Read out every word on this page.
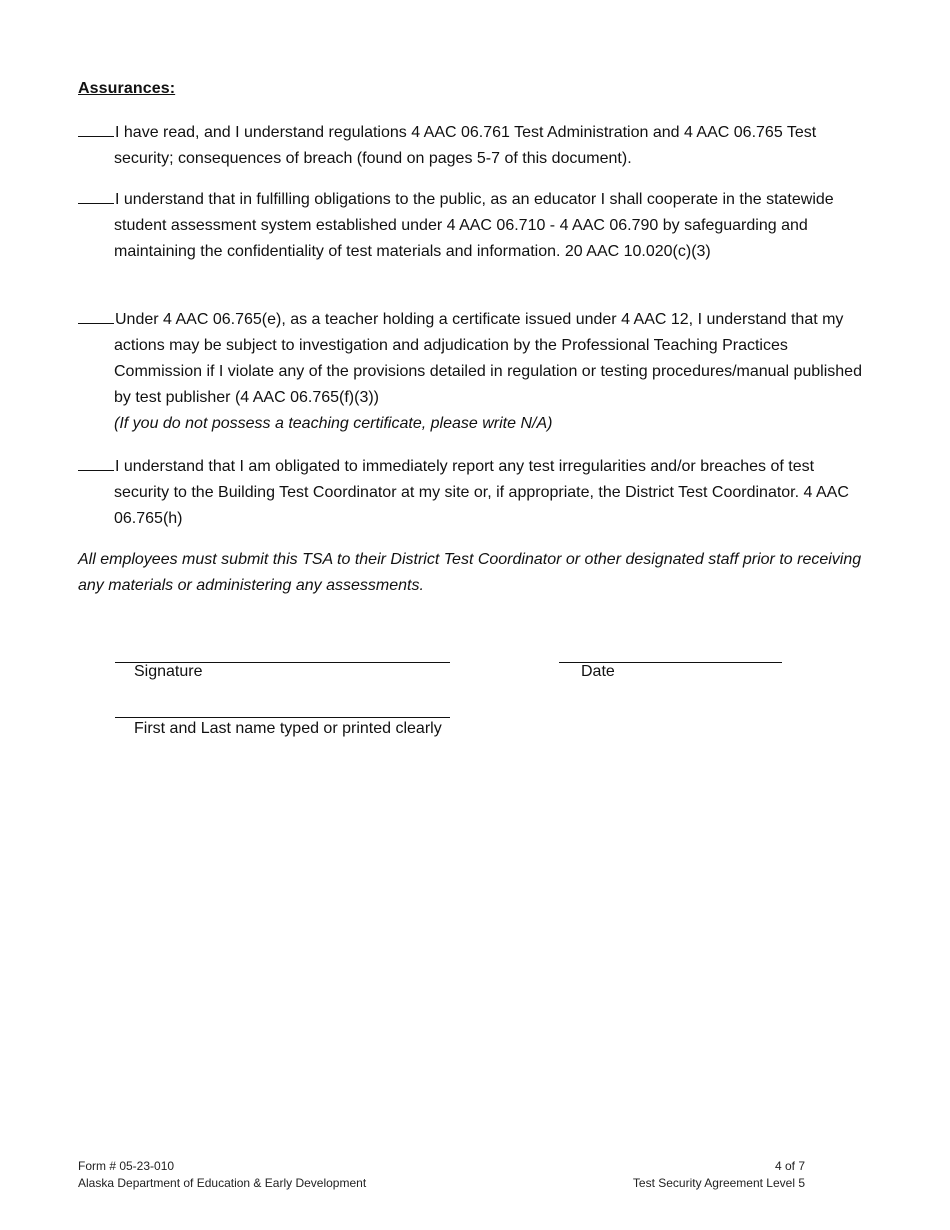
Assurances:
I have read, and I understand regulations 4 AAC 06.761 Test Administration and 4 AAC 06.765 Test security; consequences of breach (found on pages 5-7 of this document).
I understand that in fulfilling obligations to the public, as an educator I shall cooperate in the statewide student assessment system established under 4 AAC 06.710 - 4 AAC 06.790 by safeguarding and maintaining the confidentiality of test materials and information. 20 AAC 10.020(c)(3)
Under 4 AAC 06.765(e), as a teacher holding a certificate issued under 4 AAC 12, I understand that my actions may be subject to investigation and adjudication by the Professional Teaching Practices Commission if I violate any of the provisions detailed in regulation or testing procedures/manual published by test publisher (4 AAC 06.765(f)(3))
(If you do not possess a teaching certificate, please write N/A)
I understand that I am obligated to immediately report any test irregularities and/or breaches of test security to the Building Test Coordinator at my site or, if appropriate, the District Test Coordinator. 4 AAC 06.765(h)
All employees must submit this TSA to their District Test Coordinator or other designated staff prior to receiving any materials or administering any assessments.
Signature	Date
First and Last name typed or printed clearly
Form # 05-23-010
Alaska Department of Education & Early Development
4 of 7
Test Security Agreement Level 5
